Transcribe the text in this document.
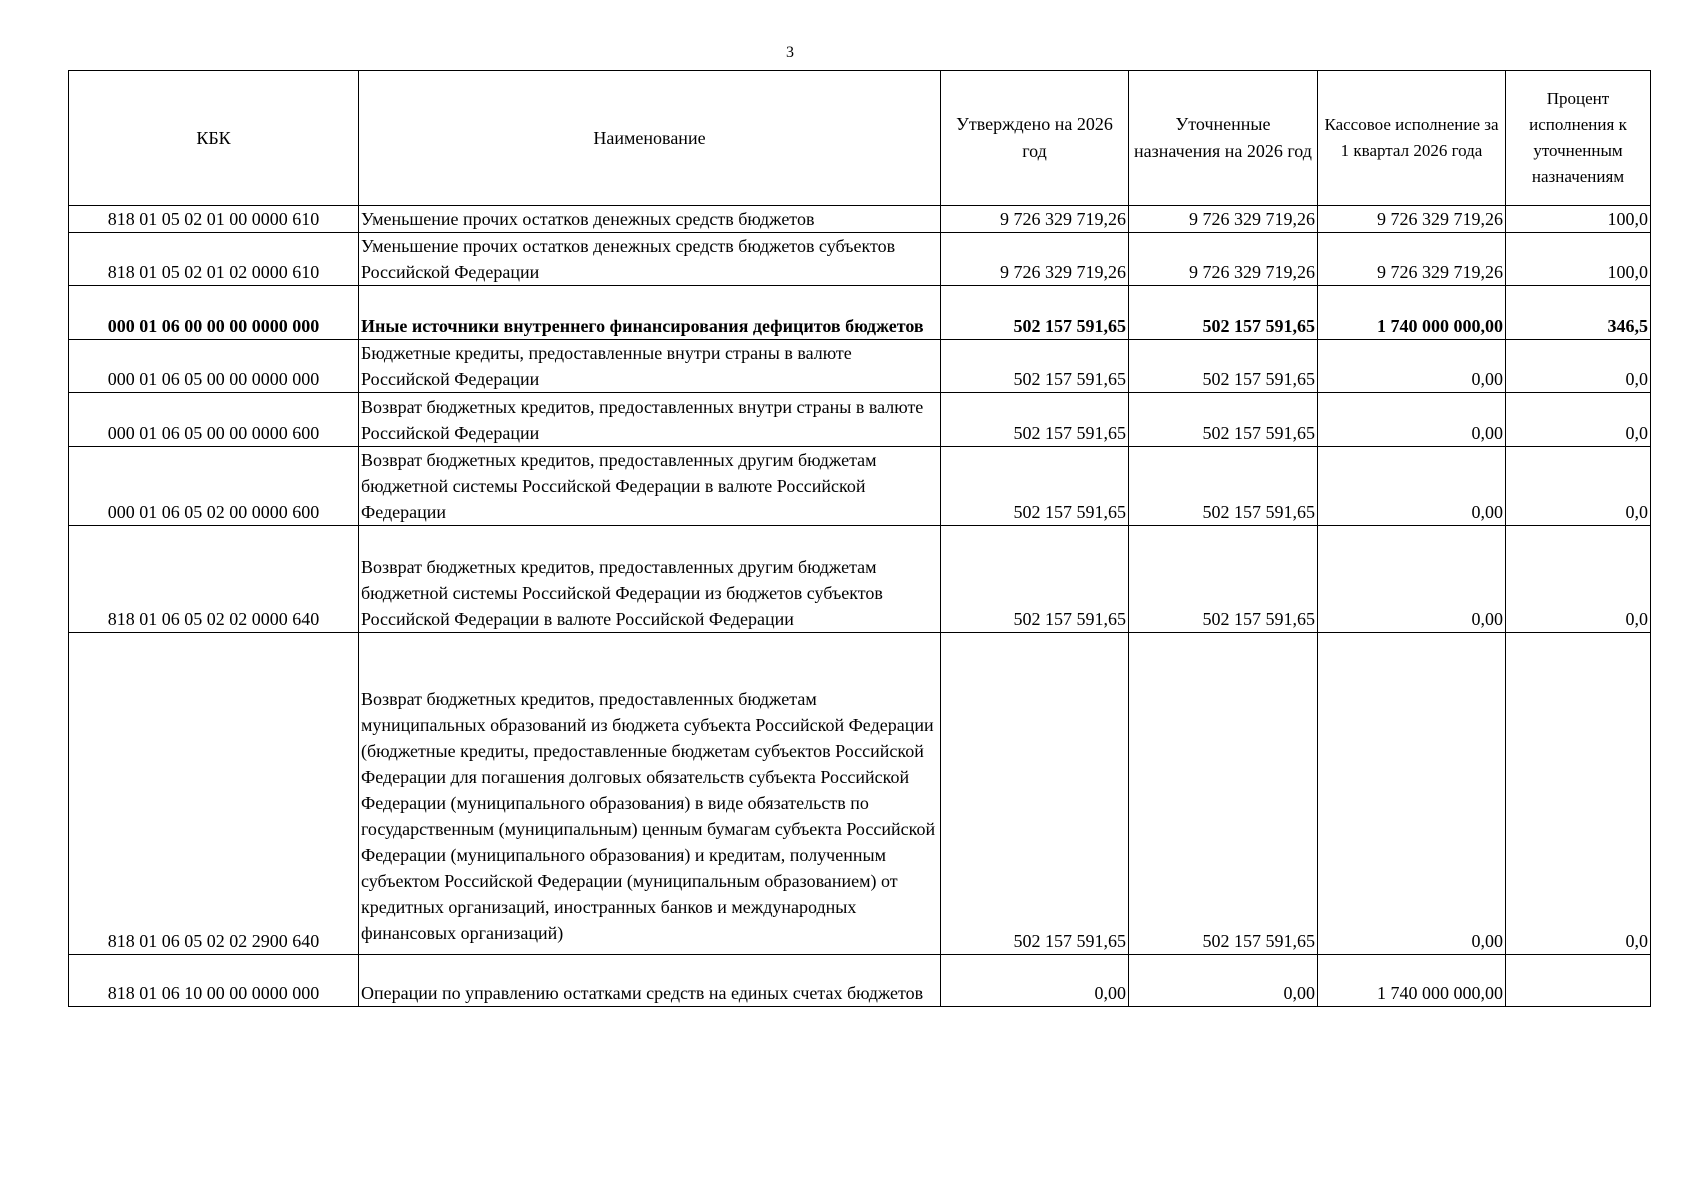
3
КБК	Наименование	Утверждено на 2026 год	Уточненные назначения на 2026 год	Кассовое исполнение за 1 квартал 2026 года	Процент исполнения к уточненным назначениям
818 01 05 02 01 00 0000 610	Уменьшение прочих остатков денежных средств бюджетов	9 726 329 719,26	9 726 329 719,26	9 726 329 719,26	100,0
818 01 05 02 01 02 0000 610	Уменьшение прочих остатков денежных средств бюджетов субъектов Российской Федерации	9 726 329 719,26	9 726 329 719,26	9 726 329 719,26	100,0
000 01 06 00 00 00 0000 000	Иные источники внутреннего финансирования дефицитов бюджетов	502 157 591,65	502 157 591,65	1 740 000 000,00	346,5
000 01 06 05 00 00 0000 000	Бюджетные кредиты, предоставленные внутри страны в валюте Российской Федерации	502 157 591,65	502 157 591,65	0,00	0,0
000 01 06 05 00 00 0000 600	Возврат бюджетных кредитов, предоставленных внутри страны в валюте Российской Федерации	502 157 591,65	502 157 591,65	0,00	0,0
000 01 06 05 02 00 0000 600	Возврат бюджетных кредитов, предоставленных другим бюджетам бюджетной системы Российской Федерации в валюте Российской Федерации	502 157 591,65	502 157 591,65	0,00	0,0
818 01 06 05 02 02 0000 640	Возврат бюджетных кредитов, предоставленных другим бюджетам бюджетной системы Российской Федерации из бюджетов субъектов Российской Федерации в валюте Российской Федерации	502 157 591,65	502 157 591,65	0,00	0,0
818 01 06 05 02 02 2900 640	Возврат бюджетных кредитов, предоставленных бюджетам муниципальных образований из бюджета субъекта Российской Федерации (бюджетные кредиты, предоставленные бюджетам субъектов Российской Федерации для погашения долговых обязательств субъекта Российской Федерации (муниципального образования) в виде обязательств по государственным (муниципальным) ценным бумагам субъекта Российской Федерации (муниципального образования) и кредитам, полученным субъектом Российской Федерации (муниципальным образованием) от кредитных организаций, иностранных банков и международных финансовых организаций)	502 157 591,65	502 157 591,65	0,00	0,0
818 01 06 10 00 00 0000 000	Операции по управлению остатками средств на единых счетах бюджетов	0,00	0,00	1 740 000 000,00	
